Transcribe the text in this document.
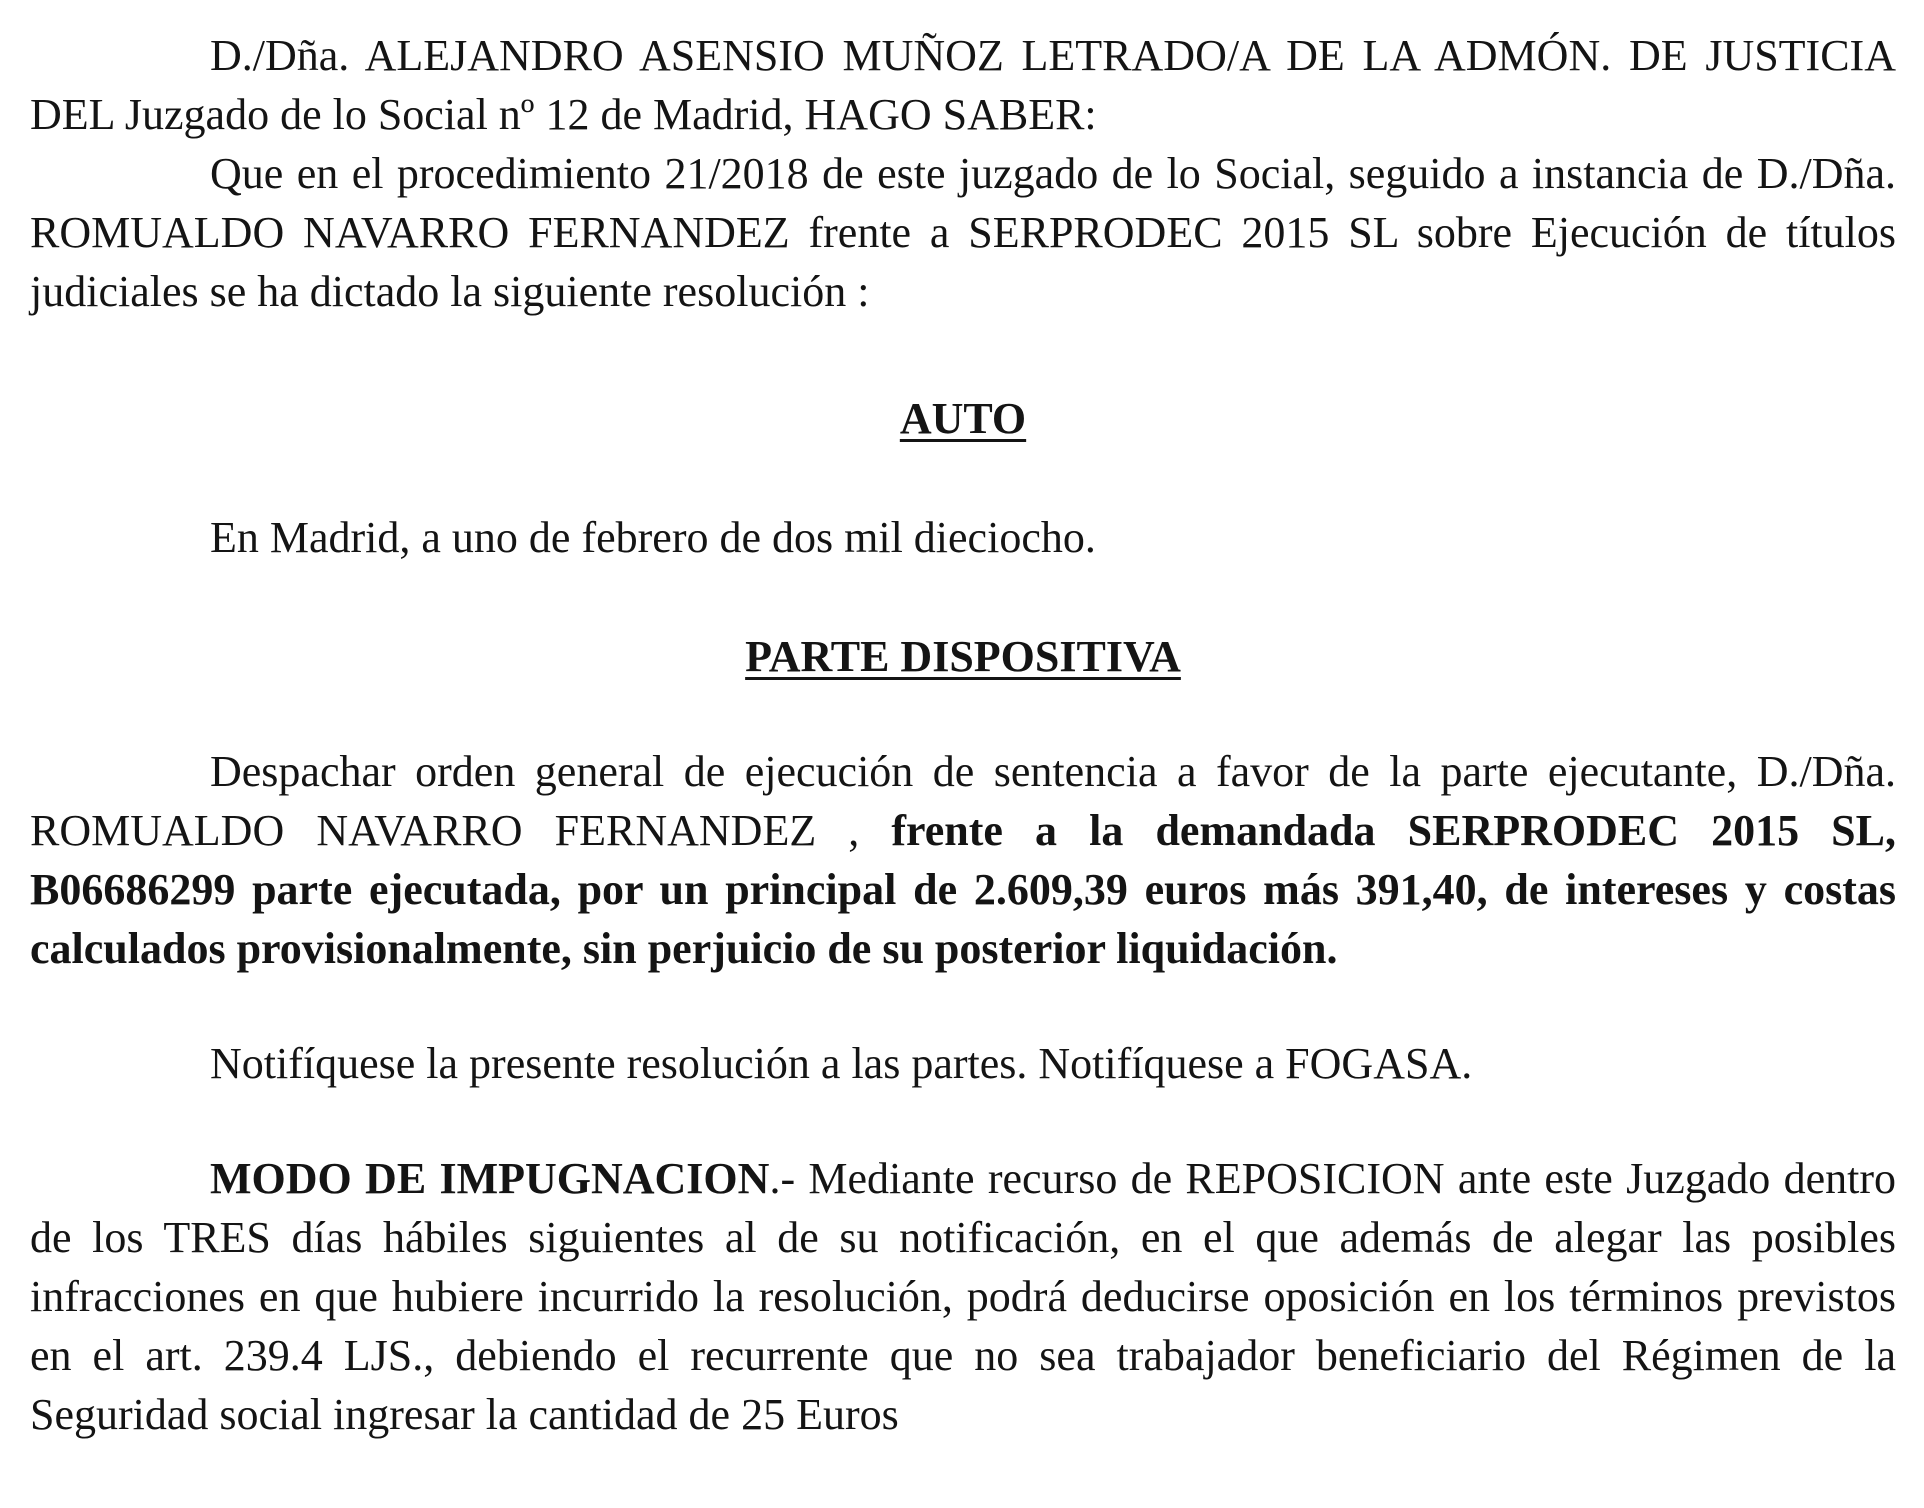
D./Dña. ALEJANDRO ASENSIO MUÑOZ LETRADO/A DE LA ADMÓN. DE JUSTICIA DEL Juzgado de lo Social nº 12 de Madrid, HAGO SABER:

Que en el procedimiento 21/2018 de este juzgado de lo Social, seguido a instancia de D./Dña. ROMUALDO NAVARRO FERNANDEZ frente a SERPRODEC 2015 SL sobre Ejecución de títulos judiciales se ha dictado la siguiente resolución :

AUTO

En Madrid, a uno de febrero de dos mil dieciocho.

PARTE DISPOSITIVA

Despachar orden general de ejecución de sentencia a favor de la parte ejecutante, D./Dña. ROMUALDO NAVARRO FERNANDEZ , frente a la demandada SERPRODEC 2015 SL, B06686299 parte ejecutada, por un principal de 2.609,39 euros más 391,40, de intereses y costas calculados provisionalmente, sin perjuicio de su posterior liquidación.

Notifíquese la presente resolución a las partes. Notifíquese a FOGASA.

MODO DE IMPUGNACION.- Mediante recurso de REPOSICION ante este Juzgado dentro de los TRES días hábiles siguientes al de su notificación, en el que además de alegar las posibles infracciones en que hubiere incurrido la resolución, podrá deducirse oposición en los términos previstos en el art. 239.4 LJS., debiendo el recurrente que no sea trabajador beneficiario del Régimen de la Seguridad social ingresar la cantidad de 25 Euros
